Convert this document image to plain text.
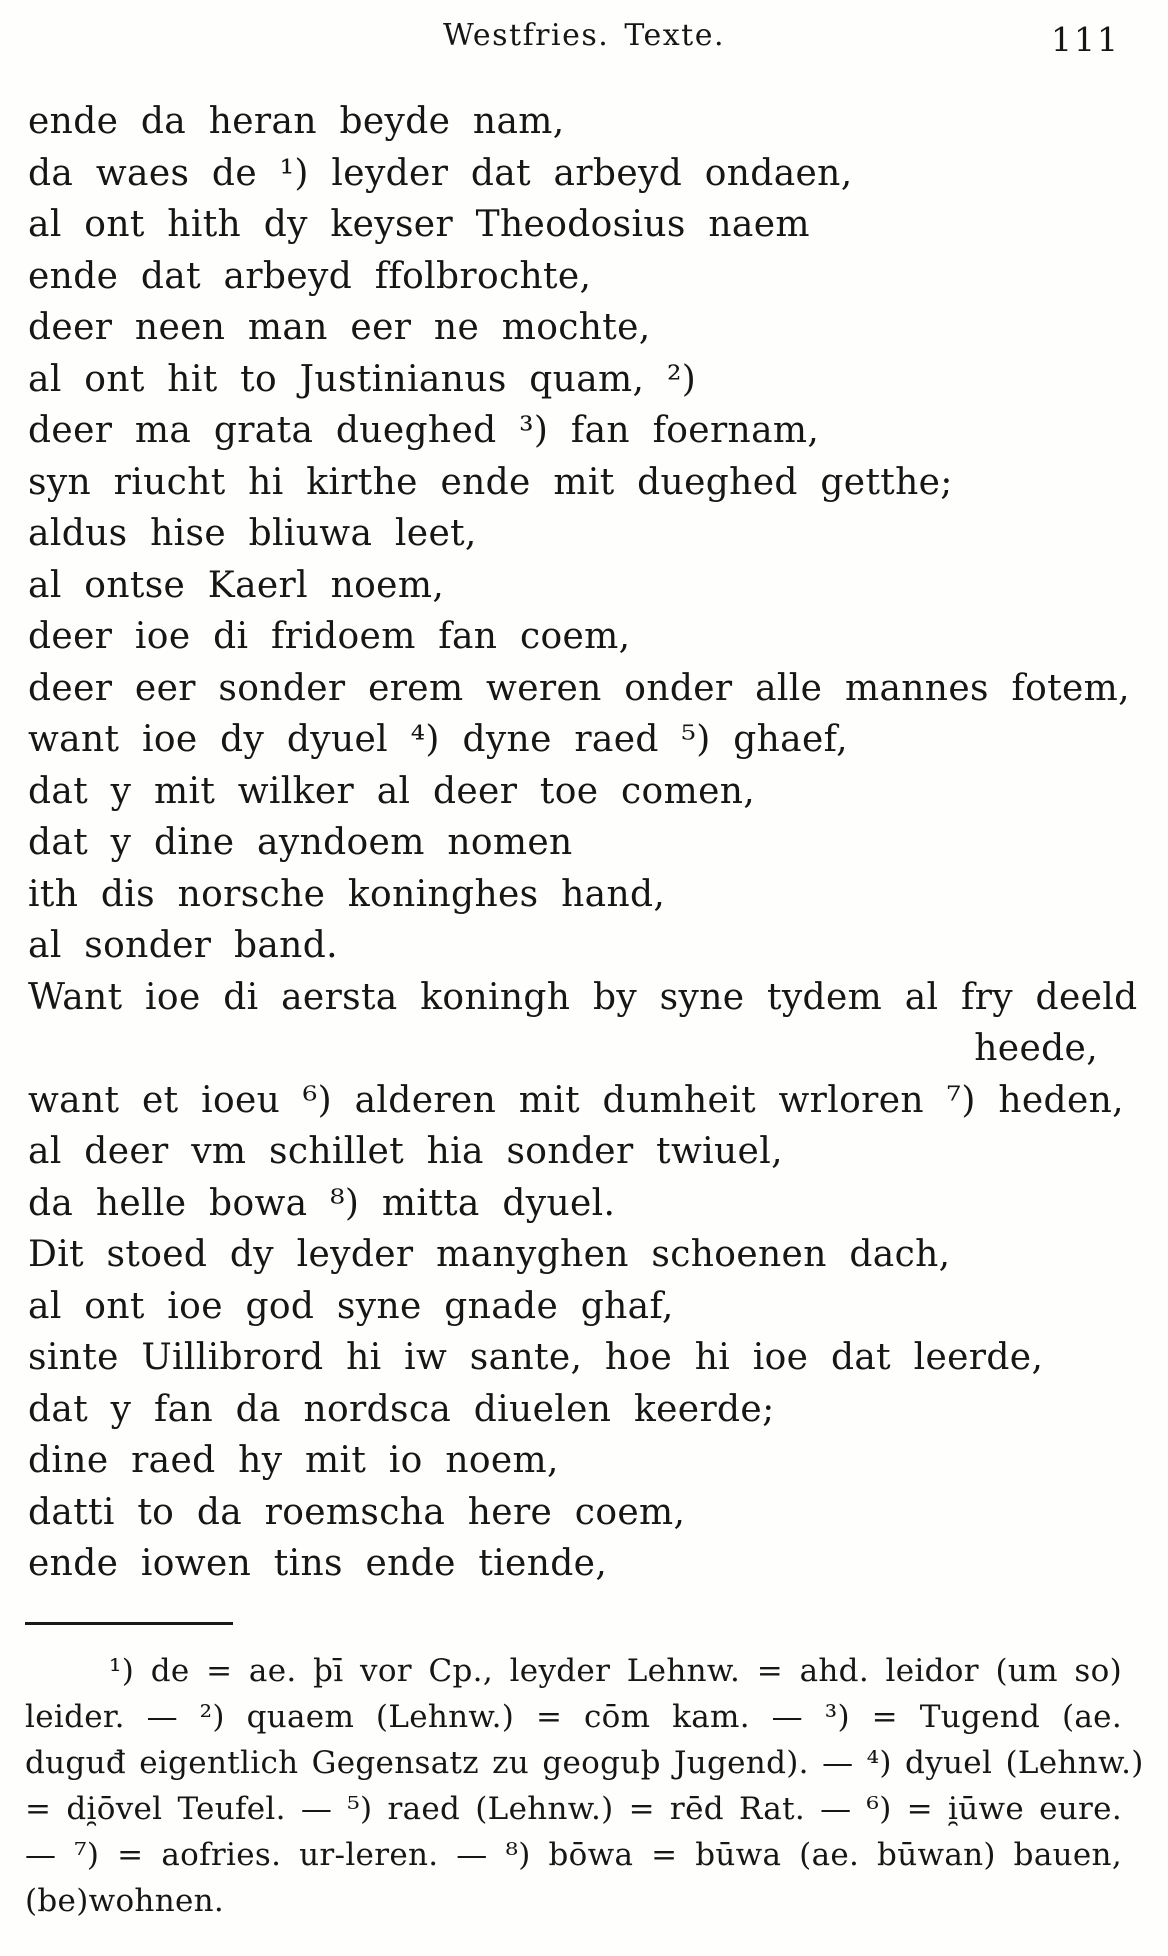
Westfries. Texte.	111
ende da heran beyde nam,
da waes de ¹) leyder dat arbeyd ondaen,
al ont hith dy keyser Theodosius naem
ende dat arbeyd ffolbrochte,
deer neen man eer ne mochte,
al ont hit to Justinianus quam, ²)
deer ma grata dueghed ³) fan foernam,
syn riucht hi kirthe ende mit dueghed getthe;
aldus hise bliuwa leet,
al ontse Kaerl noem,
deer ioe di fridoem fan coem,
deer eer sonder erem weren onder alle mannes fotem,
want ioe dy dyuel ⁴) dyne raed ⁵) ghaef,
dat y mit wilker al deer toe comen,
dat y dine ayndoem nomen
ith dis norsche koninghes hand,
al sonder band.
Want ioe di aersta koningh by syne tydem al fry deeld
heede,
want et ioeu ⁶) alderen mit dumheit wrloren ⁷) heden,
al deer vm schillet hia sonder twiuel,
da helle bowa ⁸) mitta dyuel.
Dit stoed dy leyder manyghen schoenen dach,
al ont ioe god syne gnade ghaf,
sinte Uillibrord hi iw sante, hoe hi ioe dat leerde,
dat y fan da nordsca diuelen keerde;
dine raed hy mit io noem,
datti to da roemscha here coem,
ende iowen tins ende tiende,
¹) de = ae. þī vor Cp., leyder Lehnw. = ahd. leidor (um so)
leider. — ²) quaem (Lehnw.) = cōm kam. — ³) = Tugend (ae.
duguđ eigentlich Gegensatz zu geoguþ Jugend). — ⁴) dyuel (Lehnw.)
= di̯ōvel Teufel. — ⁵) raed (Lehnw.) = rēd Rat. — ⁶) = i̯ūwe eure.
— ⁷) = aofries. ur-leren. — ⁸) bōwa = būwa (ae. būwan) bauen,
(be)wohnen.
